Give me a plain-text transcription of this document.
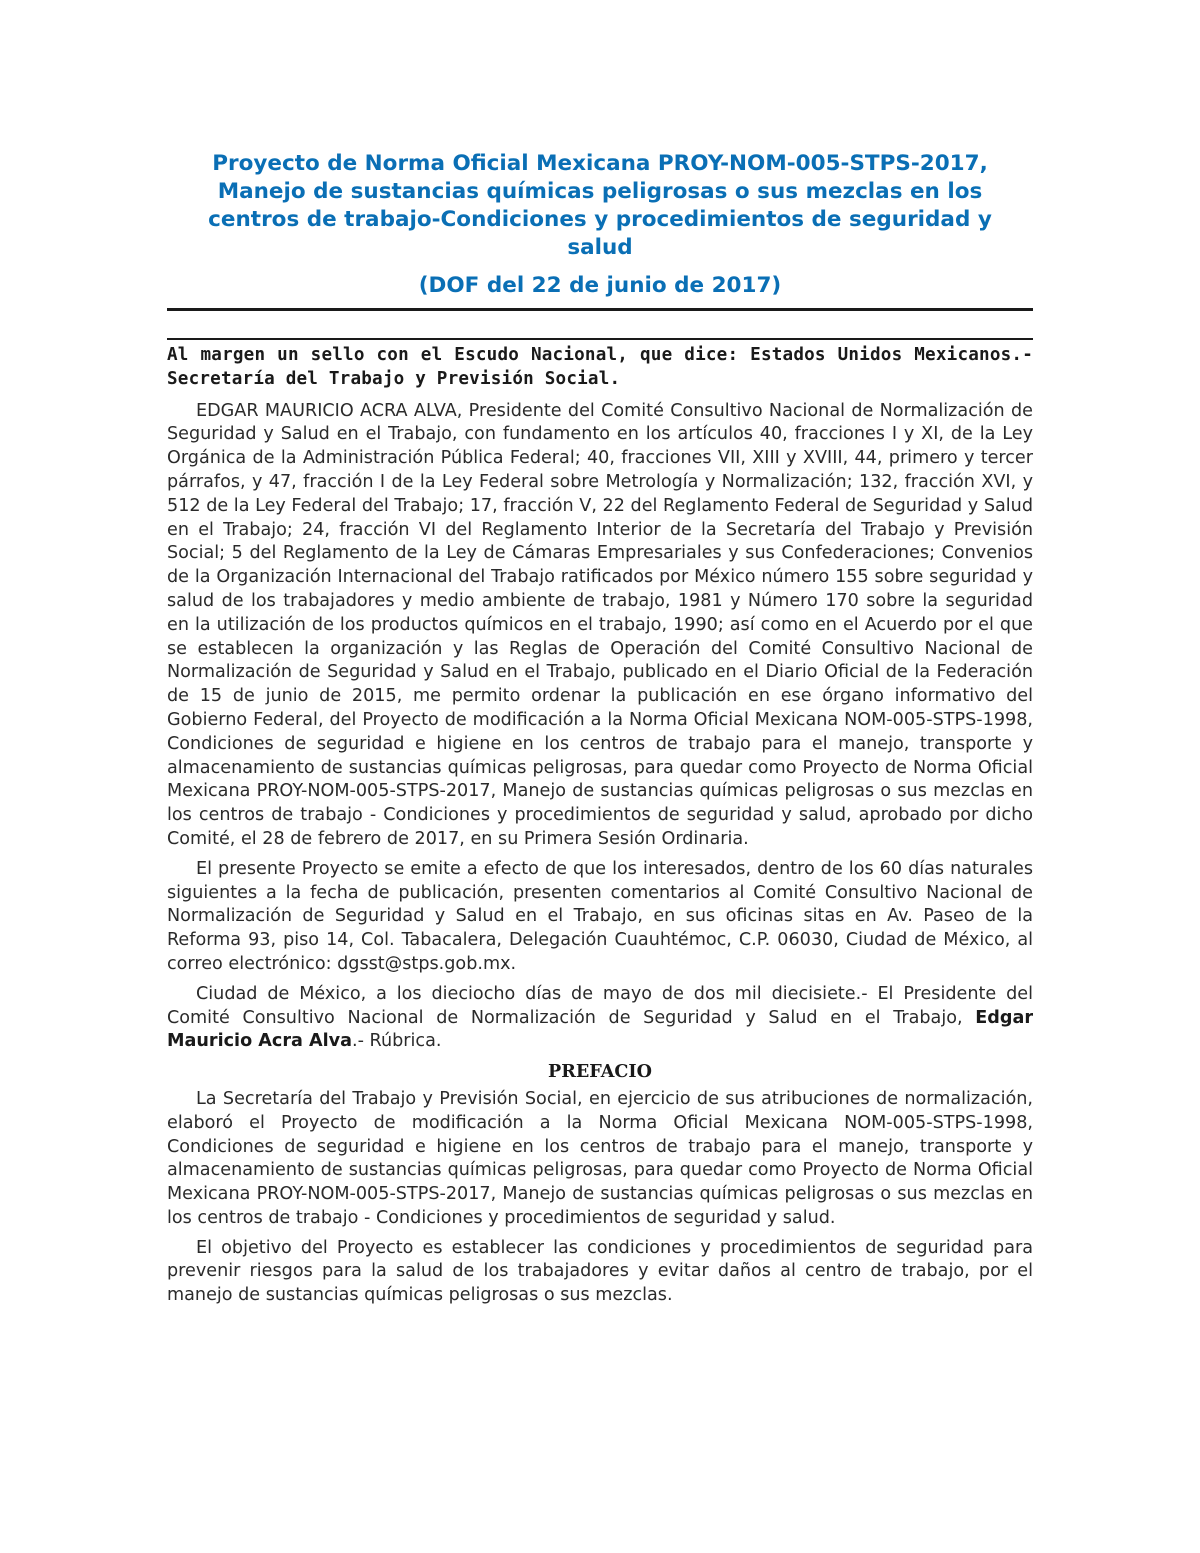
Proyecto de Norma Oficial Mexicana PROY-NOM-005-STPS-2017,
Manejo de sustancias químicas peligrosas o sus mezclas en los
centros de trabajo-Condiciones y procedimientos de seguridad y
salud

(DOF del 22 de junio de 2017)

Al margen un sello con el Escudo Nacional, que dice: Estados Unidos Mexicanos.- Secretaría del Trabajo y Previsión Social.

EDGAR MAURICIO ACRA ALVA, Presidente del Comité Consultivo Nacional de Normalización de Seguridad y Salud en el Trabajo, con fundamento en los artículos 40, fracciones I y XI, de la Ley Orgánica de la Administración Pública Federal; 40, fracciones VII, XIII y XVIII, 44, primero y tercer párrafos, y 47, fracción I de la Ley Federal sobre Metrología y Normalización; 132, fracción XVI, y 512 de la Ley Federal del Trabajo; 17, fracción V, 22 del Reglamento Federal de Seguridad y Salud en el Trabajo; 24, fracción VI del Reglamento Interior de la Secretaría del Trabajo y Previsión Social; 5 del Reglamento de la Ley de Cámaras Empresariales y sus Confederaciones; Convenios de la Organización Internacional del Trabajo ratificados por México número 155 sobre seguridad y salud de los trabajadores y medio ambiente de trabajo, 1981 y Número 170 sobre la seguridad en la utilización de los productos químicos en el trabajo, 1990; así como en el Acuerdo por el que se establecen la organización y las Reglas de Operación del Comité Consultivo Nacional de Normalización de Seguridad y Salud en el Trabajo, publicado en el Diario Oficial de la Federación de 15 de junio de 2015, me permito ordenar la publicación en ese órgano informativo del Gobierno Federal, del Proyecto de modificación a la Norma Oficial Mexicana NOM-005-STPS-1998, Condiciones de seguridad e higiene en los centros de trabajo para el manejo, transporte y almacenamiento de sustancias químicas peligrosas, para quedar como Proyecto de Norma Oficial Mexicana PROY-NOM-005-STPS-2017, Manejo de sustancias químicas peligrosas o sus mezclas en los centros de trabajo - Condiciones y procedimientos de seguridad y salud, aprobado por dicho Comité, el 28 de febrero de 2017, en su Primera Sesión Ordinaria.

El presente Proyecto se emite a efecto de que los interesados, dentro de los 60 días naturales siguientes a la fecha de publicación, presenten comentarios al Comité Consultivo Nacional de Normalización de Seguridad y Salud en el Trabajo, en sus oficinas sitas en Av. Paseo de la Reforma 93, piso 14, Col. Tabacalera, Delegación Cuauhtémoc, C.P. 06030, Ciudad de México, al correo electrónico: dgsst@stps.gob.mx.

Ciudad de México, a los dieciocho días de mayo de dos mil diecisiete.- El Presidente del Comité Consultivo Nacional de Normalización de Seguridad y Salud en el Trabajo, Edgar Mauricio Acra Alva.- Rúbrica.

PREFACIO

La Secretaría del Trabajo y Previsión Social, en ejercicio de sus atribuciones de normalización, elaboró el Proyecto de modificación a la Norma Oficial Mexicana NOM-005-STPS-1998, Condiciones de seguridad e higiene en los centros de trabajo para el manejo, transporte y almacenamiento de sustancias químicas peligrosas, para quedar como Proyecto de Norma Oficial Mexicana PROY-NOM-005-STPS-2017, Manejo de sustancias químicas peligrosas o sus mezclas en los centros de trabajo - Condiciones y procedimientos de seguridad y salud.

El objetivo del Proyecto es establecer las condiciones y procedimientos de seguridad para prevenir riesgos para la salud de los trabajadores y evitar daños al centro de trabajo, por el manejo de sustancias químicas peligrosas o sus mezclas.
